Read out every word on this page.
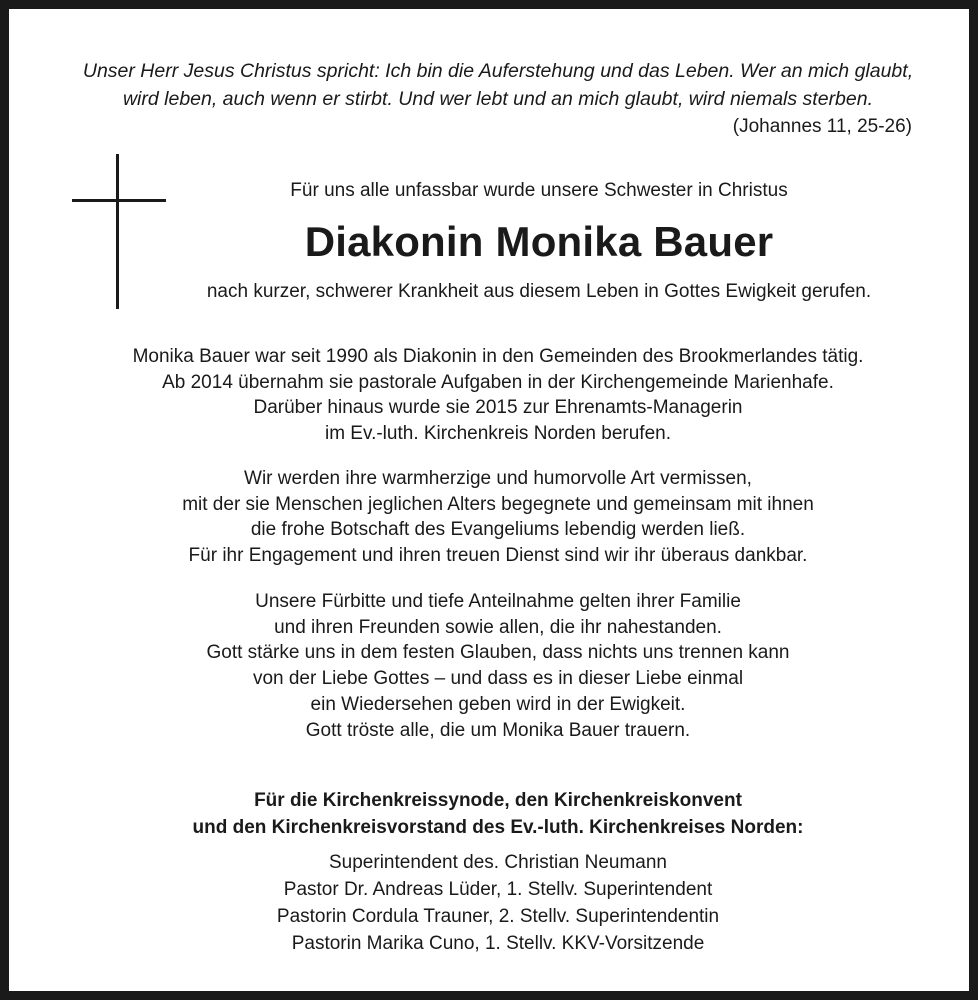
Unser Herr Jesus Christus spricht: Ich bin die Auferstehung und das Leben. Wer an mich glaubt,
wird leben, auch wenn er stirbt. Und wer lebt und an mich glaubt, wird niemals sterben.
(Johannes 11, 25-26)
Für uns alle unfassbar wurde unsere Schwester in Christus
Diakonin Monika Bauer
nach kurzer, schwerer Krankheit aus diesem Leben in Gottes Ewigkeit gerufen.
Monika Bauer war seit 1990 als Diakonin in den Gemeinden des Brookmerlandes tätig.
Ab 2014 übernahm sie pastorale Aufgaben in der Kirchengemeinde Marienhafe.
Darüber hinaus wurde sie 2015 zur Ehrenamts-Managerin
im Ev.-luth. Kirchenkreis Norden berufen.
Wir werden ihre warmherzige und humorvolle Art vermissen,
mit der sie Menschen jeglichen Alters begegnete und gemeinsam mit ihnen
die frohe Botschaft des Evangeliums lebendig werden ließ.
Für ihr Engagement und ihren treuen Dienst sind wir ihr überaus dankbar.
Unsere Fürbitte und tiefe Anteilnahme gelten ihrer Familie
und ihren Freunden sowie allen, die ihr nahestanden.
Gott stärke uns in dem festen Glauben, dass nichts uns trennen kann
von der Liebe Gottes – und dass es in dieser Liebe einmal
ein Wiedersehen geben wird in der Ewigkeit.
Gott tröste alle, die um Monika Bauer trauern.
Für die Kirchenkreissynode, den Kirchenkreiskonvent
und den Kirchenkreisvorstand des Ev.-luth. Kirchenkreises Norden:
Superintendent des. Christian Neumann
Pastor Dr. Andreas Lüder, 1. Stellv. Superintendent
Pastorin Cordula Trauner, 2. Stellv. Superintendentin
Pastorin Marika Cuno, 1. Stellv. KKV-Vorsitzende
